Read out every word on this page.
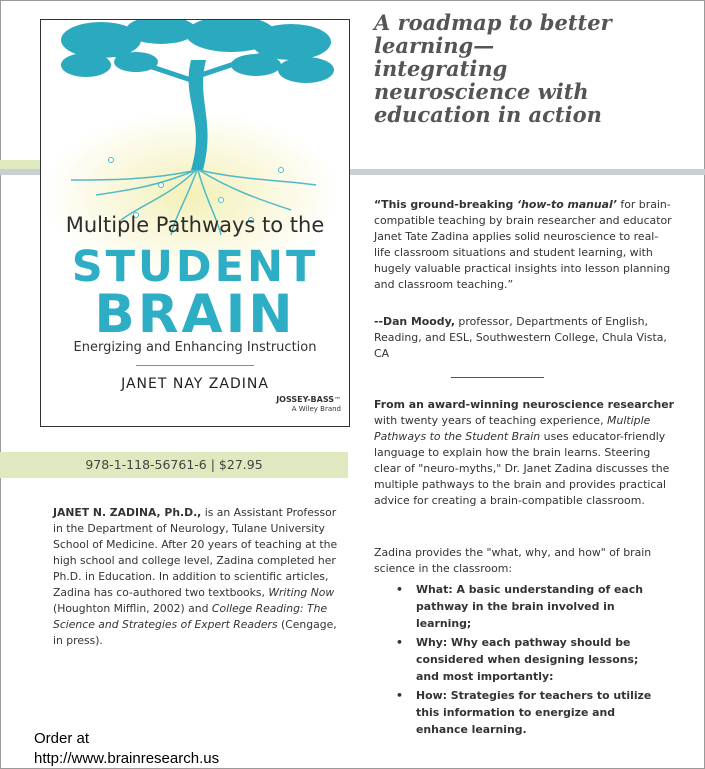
Multiple Pathways to the
STUDENT
BRAIN
Energizing and Enhancing Instruction
JANET NAY ZADINA
JOSSEY-BASS™
A Wiley Brand
978-1-118-56761-6 | $27.95
JANET N. ZADINA, Ph.D., is an Assistant Professor in the Department of Neurology, Tulane University School of Medicine. After 20 years of teaching at the high school and college level, Zadina completed her Ph.D. in Education. In addition to scientific articles, Zadina has co-authored two textbooks, Writing Now (Houghton Mifflin, 2002) and College Reading: The Science and Strategies of Expert Readers (Cengage, in press).
Order at
http://www.brainresearch.us
A roadmap to better
learning—
integrating
neuroscience with
education in action
“This ground-breaking ‘how-to manual’ for brain-compatible teaching by brain researcher and educator Janet Tate Zadina applies solid neuroscience to real-life classroom situations and student learning, with hugely valuable practical insights into lesson planning and classroom teaching.”
--Dan Moody, professor, Departments of English, Reading, and ESL, Southwestern College, Chula Vista, CA
From an award-winning neuroscience researcher with twenty years of teaching experience, Multiple Pathways to the Student Brain uses educator-friendly language to explain how the brain learns. Steering clear of "neuro-myths," Dr. Janet Zadina discusses the multiple pathways to the brain and provides practical advice for creating a brain-compatible classroom.
Zadina provides the "what, why, and how" of brain science in the classroom:
• What: A basic understanding of each pathway in the brain involved in learning;
• Why: Why each pathway should be considered when designing lessons; and most importantly:
• How: Strategies for teachers to utilize this information to energize and enhance learning.
